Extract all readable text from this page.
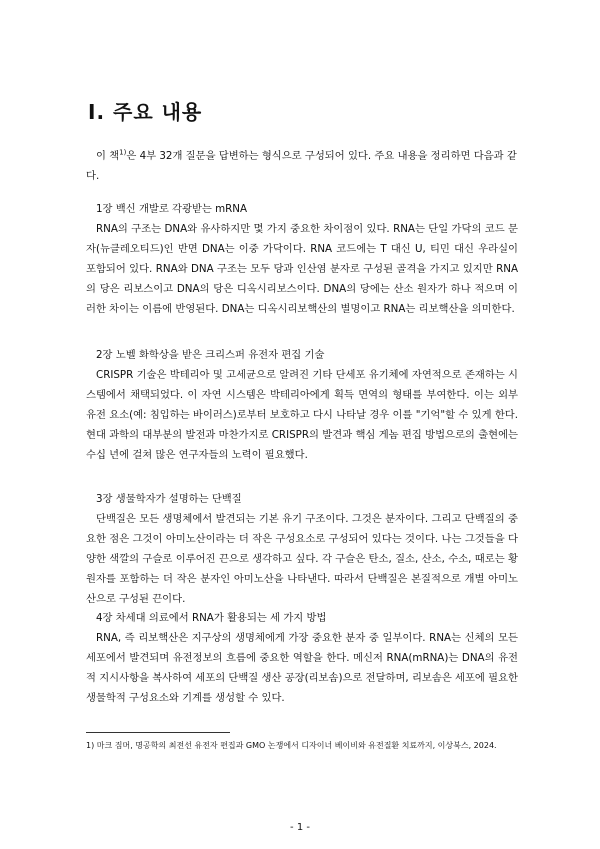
I. 주요 내용

이 책$^{1)}$은 4부 32개 질문을 답변하는 형식으로 구성되어 있다. 주요 내용을 정리하면 다음과 같다.

1장 백신 개발로 각광받는 mRNA

RNA의 구조는 DNA와 유사하지만 몇 가지 중요한 차이점이 있다. RNA는 단일 가닥의 코드 문자(뉴클레오티드)인 반면 DNA는 이중 가닥이다. RNA 코드에는 T 대신 U, 티민 대신 우라실이 포함되어 있다. RNA와 DNA 구조는 모두 당과 인산염 분자로 구성된 골격을 가지고 있지만 RNA의 당은 리보스이고 DNA의 당은 디옥시리보스이다. DNA의 당에는 산소 원자가 하나 적으며 이러한 차이는 이름에 반영된다. DNA는 디옥시리보핵산의 별명이고 RNA는 리보핵산을 의미한다.

2장 노벨 화학상을 받은 크리스퍼 유전자 편집 기술

CRISPR 기술은 박테리아 및 고세균으로 알려진 기타 단세포 유기체에 자연적으로 존재하는 시스템에서 채택되었다. 이 자연 시스템은 박테리아에게 획득 면역의 형태를 부여한다. 이는 외부 유전 요소(예: 침입하는 바이러스)로부터 보호하고 다시 나타날 경우 이를 "기억"할 수 있게 한다. 현대 과학의 대부분의 발전과 마찬가지로 CRISPR의 발견과 핵심 게놈 편집 방법으로의 출현에는 수십 년에 걸쳐 많은 연구자들의 노력이 필요했다.

3장 생물학자가 설명하는 단백질

단백질은 모든 생명체에서 발견되는 기본 유기 구조이다. 그것은 분자이다. 그리고 단백질의 중요한 점은 그것이 아미노산이라는 더 작은 구성요소로 구성되어 있다는 것이다. 나는 그것들을 다양한 색깔의 구슬로 이루어진 끈으로 생각하고 싶다. 각 구슬은 탄소, 질소, 산소, 수소, 때로는 황 원자를 포함하는 더 작은 분자인 아미노산을 나타낸다. 따라서 단백질은 본질적으로 개별 아미노산으로 구성된 끈이다.

4장 차세대 의료에서 RNA가 활용되는 세 가지 방법

RNA, 즉 리보핵산은 지구상의 생명체에게 가장 중요한 분자 중 일부이다. RNA는 신체의 모든 세포에서 발견되며 유전정보의 흐름에 중요한 역할을 한다. 메신저 RNA(mRNA)는 DNA의 유전적 지시사항을 복사하여 세포의 단백질 생산 공장(리보솜)으로 전달하며, 리보솜은 세포에 필요한 생물학적 구성요소와 기계를 생성할 수 있다.

1) 마크 짐머, 명공학의 최전선 유전자 편집과 GMO 논쟁에서 디자이너 베이비와 유전질환 치료까지, 이상북스, 2024.

- 1 -
